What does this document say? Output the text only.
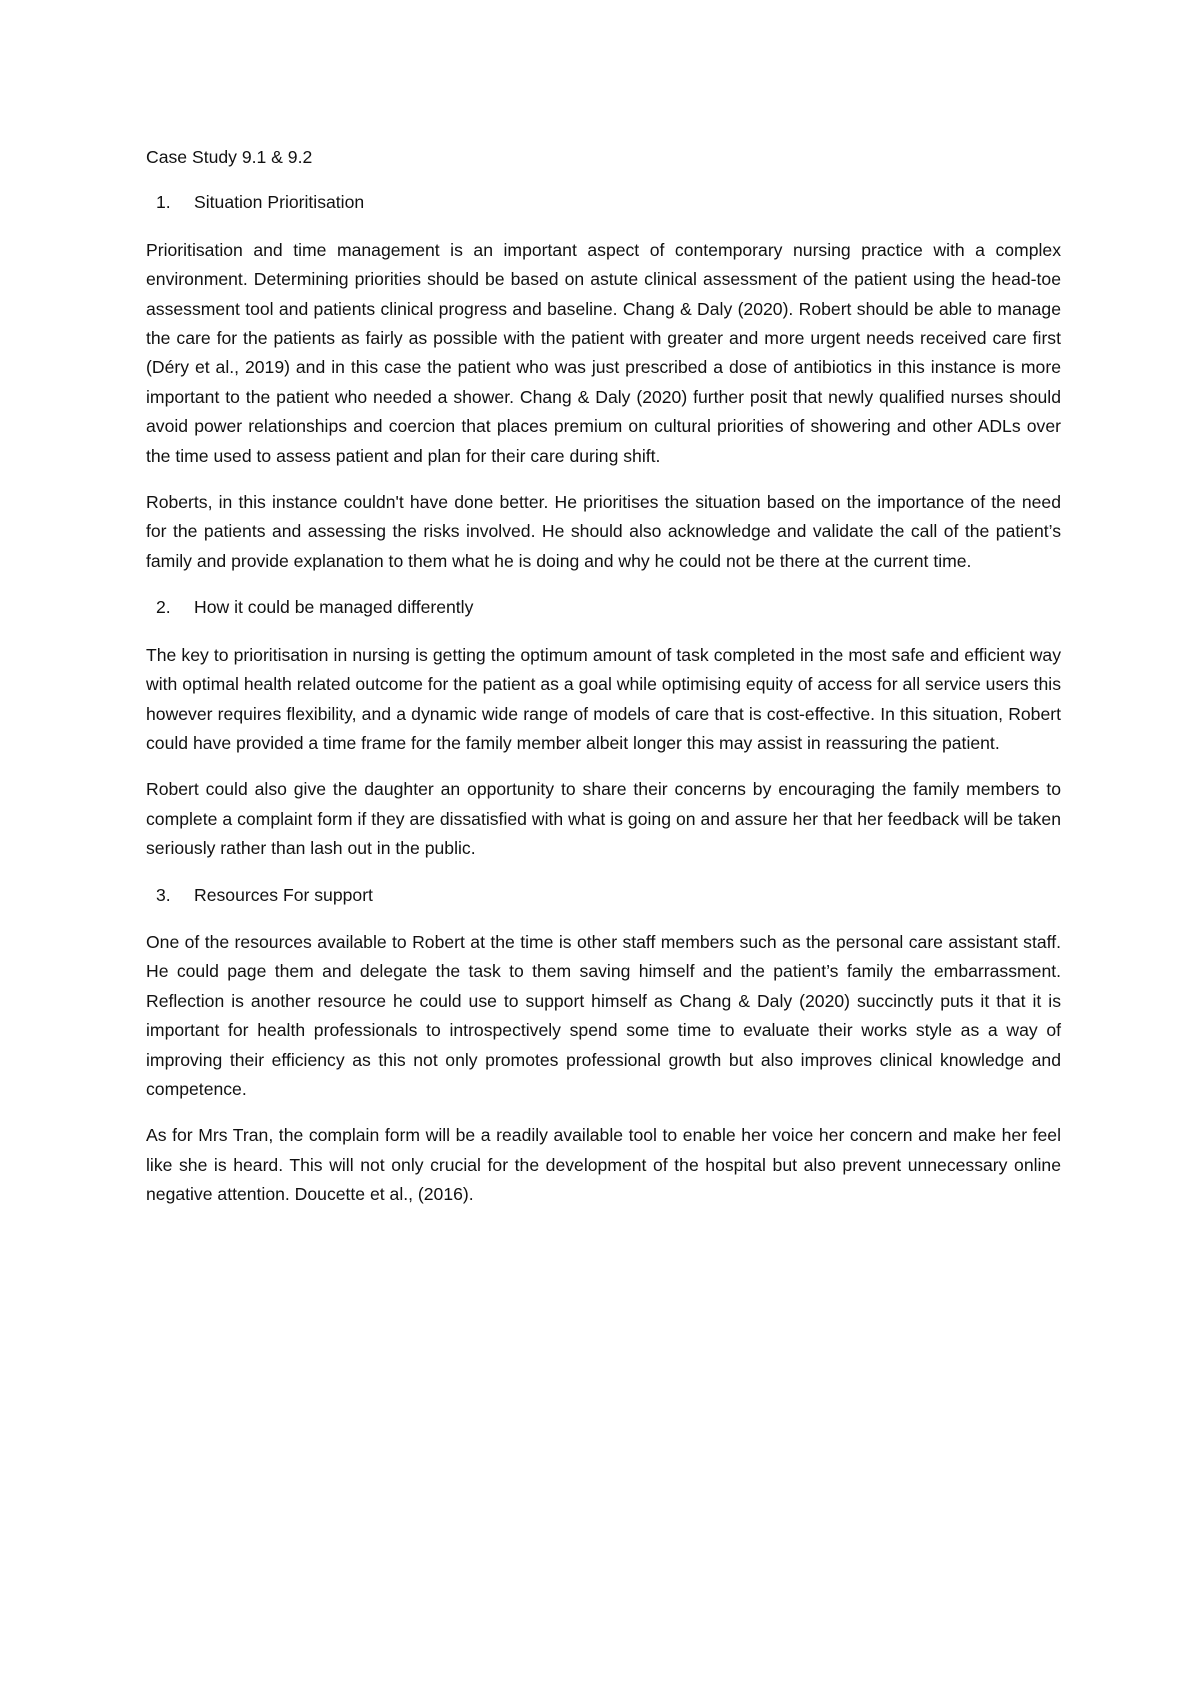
Case Study 9.1 & 9.2
1.	Situation Prioritisation

Prioritisation and time management is an important aspect of contemporary nursing practice with a complex environment. Determining priorities should be based on astute clinical assessment of the patient using the head-toe assessment tool and patients clinical progress and baseline. Chang & Daly (2020). Robert should be able to manage the care for the patients as fairly as possible with the patient with greater and more urgent needs received care first (Déry et al., 2019) and in this case the patient who was just prescribed a dose of antibiotics in this instance is more important to the patient who needed a shower. Chang & Daly (2020) further posit that newly qualified nurses should avoid power relationships and coercion that places premium on cultural priorities of showering and other ADLs over the time used to assess patient and plan for their care during shift.

Roberts, in this instance couldn't have done better. He prioritises the situation based on the importance of the need for the patients and assessing the risks involved. He should also acknowledge and validate the call of the patient’s family and provide explanation to them what he is doing and why he could not be there at the current time.

2.	How it could be managed differently

The key to prioritisation in nursing is getting the optimum amount of task completed in the most safe and efficient way with optimal health related outcome for the patient as a goal while optimising equity of access for all service users this however requires flexibility, and a dynamic wide range of models of care that is cost-effective. In this situation, Robert could have provided a time frame for the family member albeit longer this may assist in reassuring the patient.

Robert could also give the daughter an opportunity to share their concerns by encouraging the family members to complete a complaint form if they are dissatisfied with what is going on and assure her that her feedback will be taken seriously rather than lash out in the public.

3.	Resources For support

One of the resources available to Robert at the time is other staff members such as the personal care assistant staff. He could page them and delegate the task to them saving himself and the patient’s family the embarrassment. Reflection is another resource he could use to support himself as Chang & Daly (2020) succinctly puts it that it is important for health professionals to introspectively spend some time to evaluate their works style as a way of improving their efficiency as this not only promotes professional growth but also improves clinical knowledge and competence.

As for Mrs Tran, the complain form will be a readily available tool to enable her voice her concern and make her feel like she is heard. This will not only crucial for the development of the hospital but also prevent unnecessary online negative attention. Doucette et al., (2016).
